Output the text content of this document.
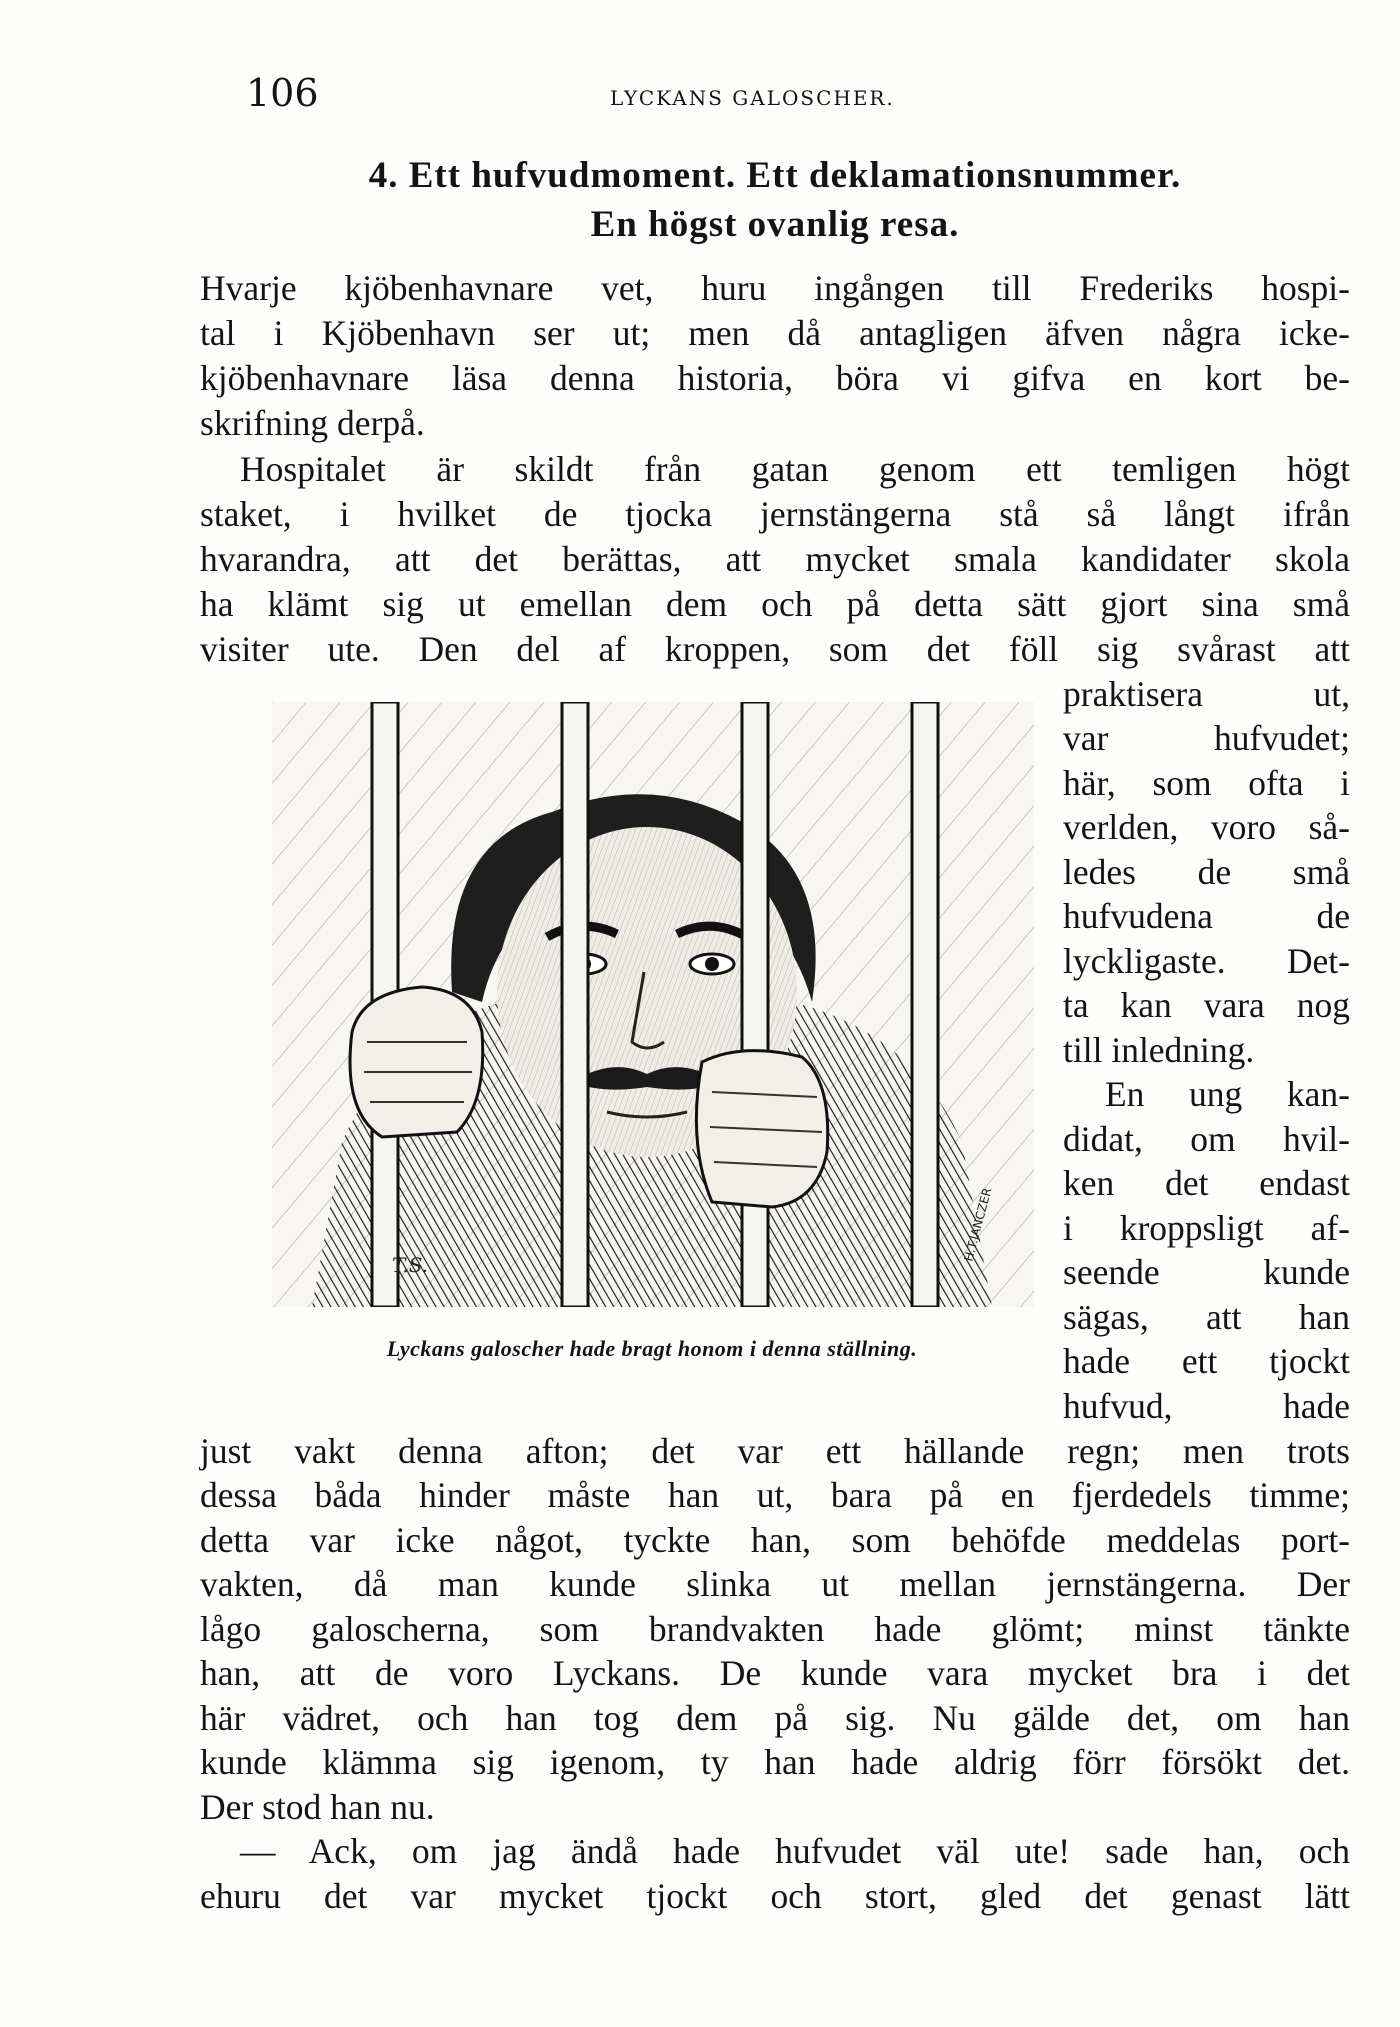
106	LYCKANS GALOSCHER.
4. Ett hufvudmoment. Ett deklamationsnummer.
En högst ovanlig resa.
Hvarje kjöbenhavnare vet, huru ingången till Frederiks hospi-
tal i Kjöbenhavn ser ut; men då antagligen äfven några icke-
kjöbenhavnare läsa denna historia, böra vi gifva en kort be-
skrifning derpå.
Hospitalet är skildt från gatan genom ett temligen högt
staket, i hvilket de tjocka jernstängerna stå så långt ifrån
hvarandra, att det berättas, att mycket smala kandidater skola
ha klämt sig ut emellan dem och på detta sätt gjort sina små
visiter ute. Den del af kroppen, som det föll sig svårast att
praktisera ut,
var hufvudet;
här, som ofta i
verlden, voro så-
ledes de små
hufvudena de
lyckligaste. Det-
ta kan vara nog
till inledning.
En ung kan-
didat, om hvil-
ken det endast
i kroppsligt af-
seende kunde
sägas, att han
hade ett tjockt
hufvud, hade
just vakt denna afton; det var ett hällande regn; men trots
dessa båda hinder måste han ut, bara på en fjerdedels timme;
detta var icke något, tyckte han, som behöfde meddelas port-
vakten, då man kunde slinka ut mellan jernstängerna. Der
lågo galoscherna, som brandvakten hade glömt; minst tänkte
han, att de voro Lyckans. De kunde vara mycket bra i det
här vädret, och han tog dem på sig. Nu gälde det, om han
kunde klämma sig igenom, ty han hade aldrig förr försökt det.
Der stod han nu.
— Ack, om jag ändå hade hufvudet väl ute! sade han, och
ehuru det var mycket tjockt och stort, gled det genast lätt
T.S.
H.T.JANCZER
Lyckans galoscher hade bragt honom i denna ställning.
